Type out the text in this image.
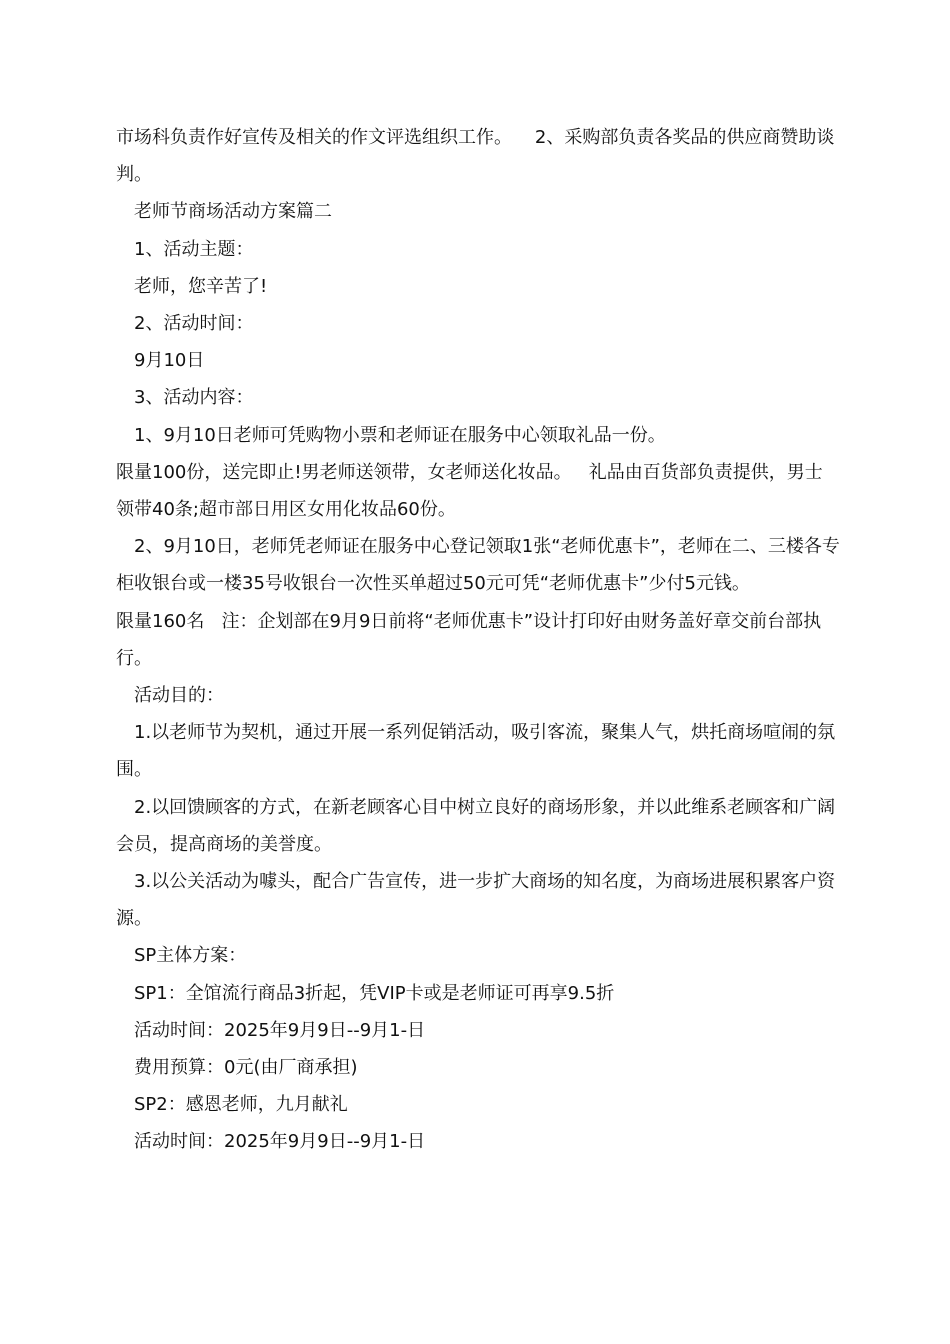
市场科负责作好宣传及相关的作文评选组织工作。    2、采购部负责各奖品的供应商赞助谈判。

老师节商场活动方案篇二

1、活动主题：

老师，您辛苦了!

2、活动时间：

9月10日

3、活动内容：

1、9月10日老师可凭购物小票和老师证在服务中心领取礼品一份。

限量100份，送完即止!男老师送领带，女老师送化妆品。   礼品由百货部负责提供，男士领带40条;超市部日用区女用化妆品60份。

2、9月10日，老师凭老师证在服务中心登记领取1张“老师优惠卡”，老师在二、三楼各专柜收银台或一楼35号收银台一次性买单超过50元可凭“老师优惠卡”少付5元钱。

限量160名   注：企划部在9月9日前将“老师优惠卡”设计打印好由财务盖好章交前台部执行。

活动目的：

1.以老师节为契机，通过开展一系列促销活动，吸引客流，聚集人气，烘托商场喧闹的氛围。

2.以回馈顾客的方式，在新老顾客心目中树立良好的商场形象，并以此维系老顾客和广阔会员，提高商场的美誉度。

3.以公关活动为噱头，配合广告宣传，进一步扩大商场的知名度，为商场进展积累客户资源。

SP主体方案：

SP1：全馆流行商品3折起，凭VIP卡或是老师证可再享9.5折

活动时间：2025年9月9日--9月1-日

费用预算：0元(由厂商承担)

SP2：感恩老师，九月献礼

活动时间：2025年9月9日--9月1-日
